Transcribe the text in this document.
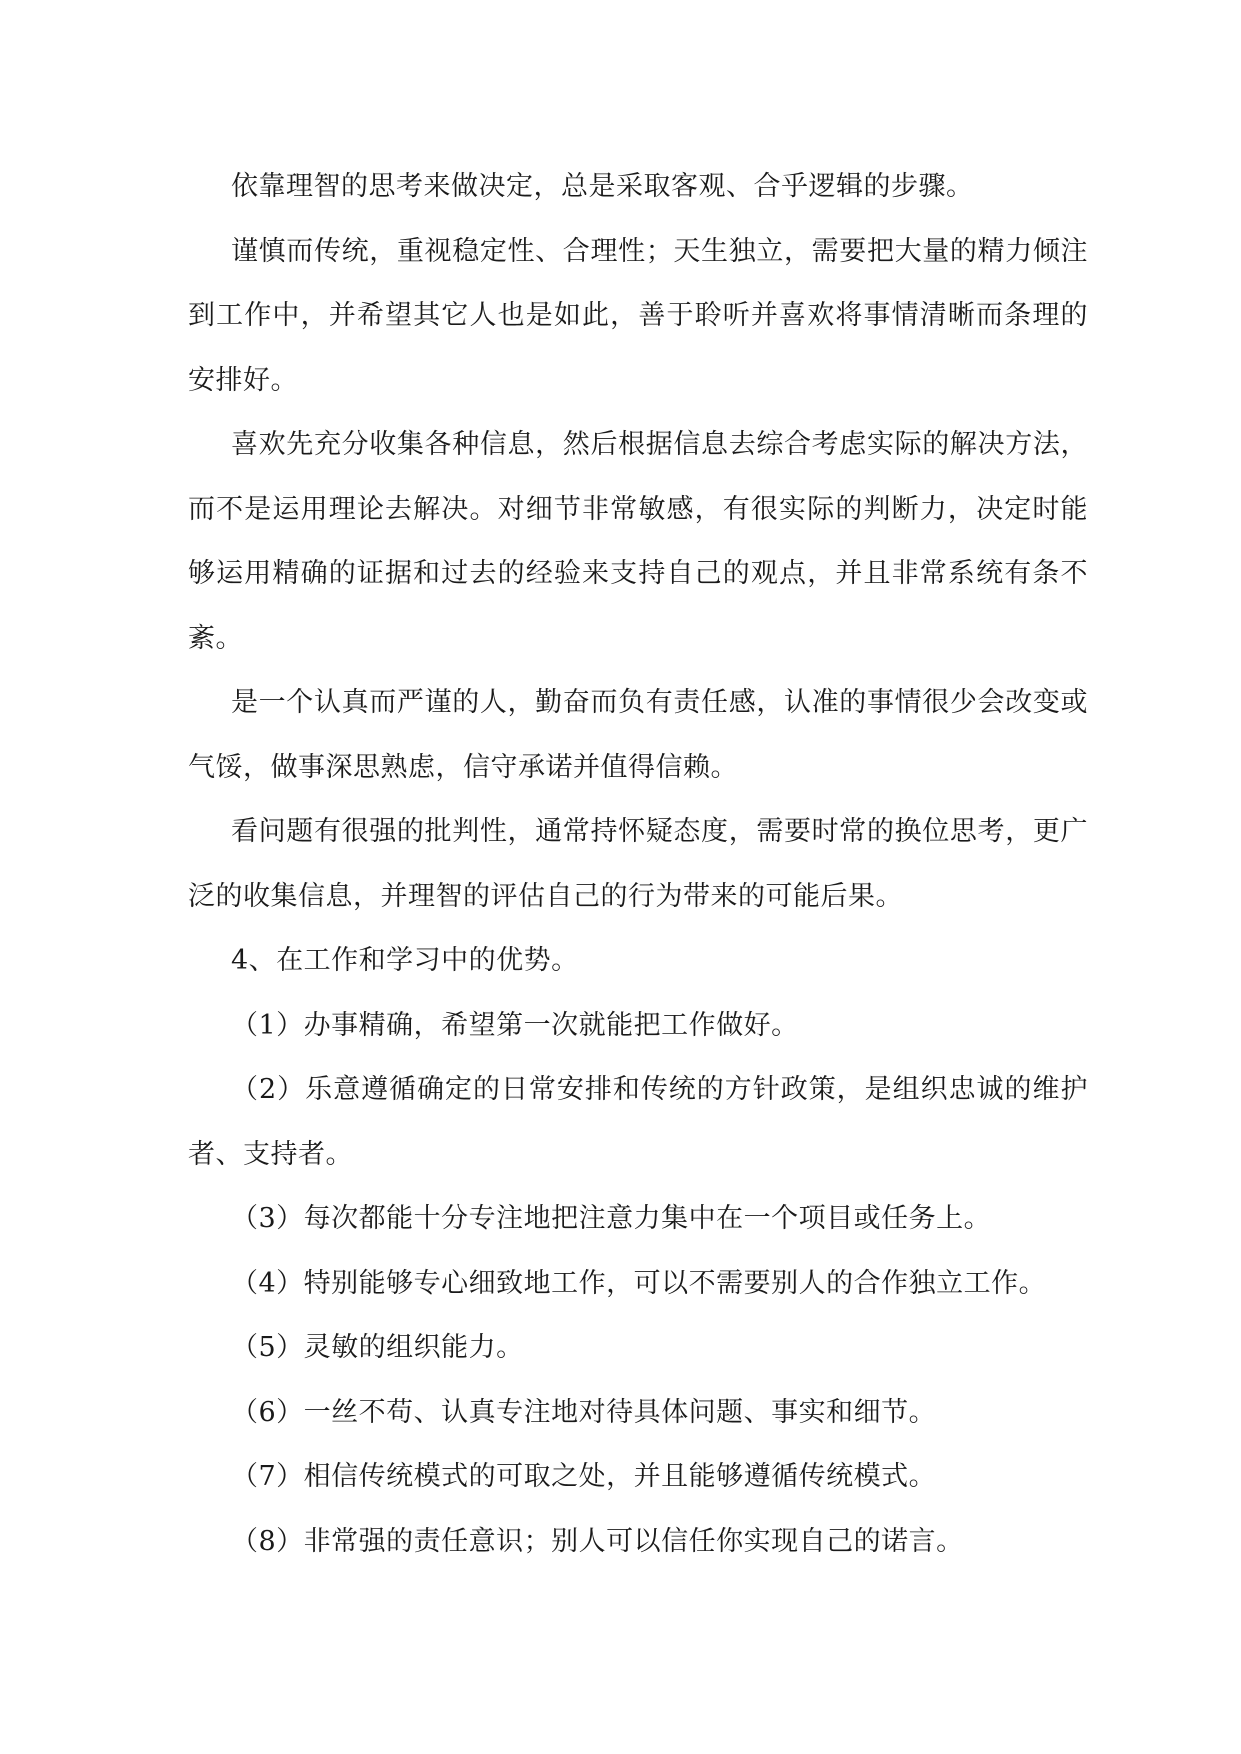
依靠理智的思考来做决定，总是采取客观、合乎逻辑的步骤。

谨慎而传统，重视稳定性、合理性；天生独立，需要把大量的精力倾注到工作中，并希望其它人也是如此，善于聆听并喜欢将事情清晰而条理的安排好。

喜欢先充分收集各种信息，然后根据信息去综合考虑实际的解决方法，而不是运用理论去解决。对细节非常敏感，有很实际的判断力，决定时能够运用精确的证据和过去的经验来支持自己的观点，并且非常系统有条不紊。

是一个认真而严谨的人，勤奋而负有责任感，认准的事情很少会改变或气馁，做事深思熟虑，信守承诺并值得信赖。

看问题有很强的批判性，通常持怀疑态度，需要时常的换位思考，更广泛的收集信息，并理智的评估自己的行为带来的可能后果。

4、在工作和学习中的优势。

（1）办事精确，希望第一次就能把工作做好。

（2）乐意遵循确定的日常安排和传统的方针政策，是组织忠诚的维护者、支持者。

（3）每次都能十分专注地把注意力集中在一个项目或任务上。

（4）特别能够专心细致地工作，可以不需要别人的合作独立工作。

（5）灵敏的组织能力。

（6）一丝不苟、认真专注地对待具体问题、事实和细节。

（7）相信传统模式的可取之处，并且能够遵循传统模式。

（8）非常强的责任意识；别人可以信任你实现自己的诺言。
